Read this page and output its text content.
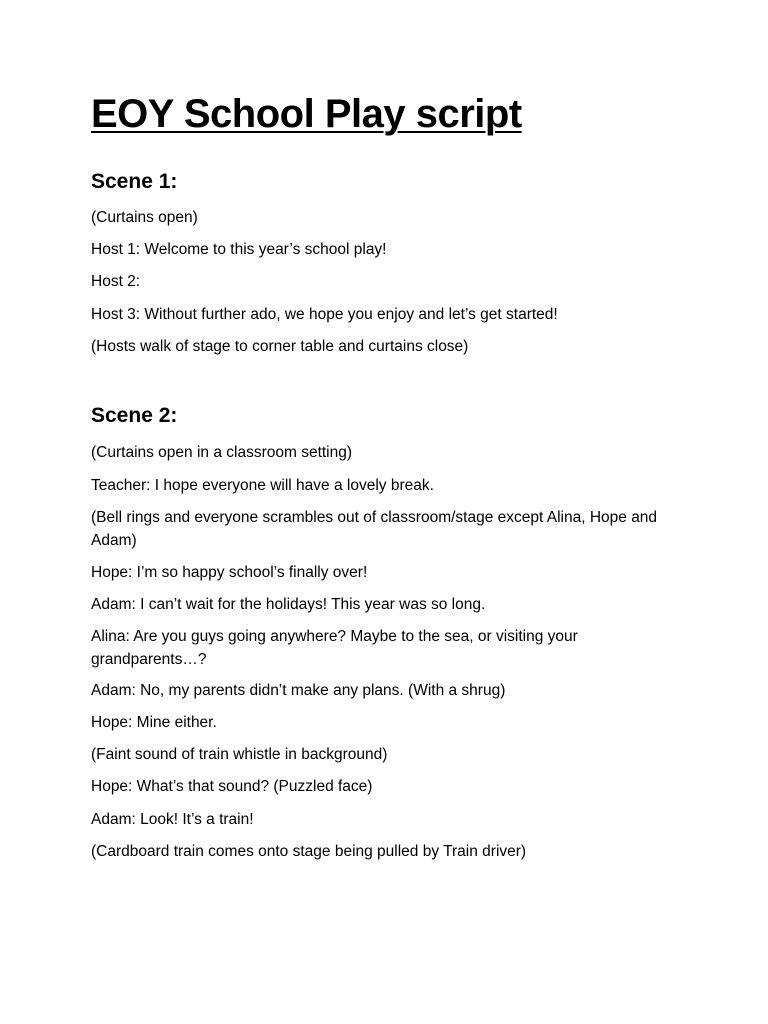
EOY School Play script
Scene 1:

(Curtains open)

Host 1: Welcome to this year’s school play!

Host 2:

Host 3: Without further ado, we hope you enjoy and let’s get started!

(Hosts walk of stage to corner table and curtains close)

Scene 2:

(Curtains open in a classroom setting)

Teacher: I hope everyone will have a lovely break.

(Bell rings and everyone scrambles out of classroom/stage except Alina, Hope and Adam)

Hope: I’m so happy school’s finally over!

Adam: I can’t wait for the holidays! This year was so long.

Alina: Are you guys going anywhere? Maybe to the sea, or visiting your grandparents…?

Adam: No, my parents didn’t make any plans. (With a shrug)

Hope: Mine either.

(Faint sound of train whistle in background)

Hope: What’s that sound? (Puzzled face)

Adam: Look! It’s a train!

(Cardboard train comes onto stage being pulled by Train driver)
